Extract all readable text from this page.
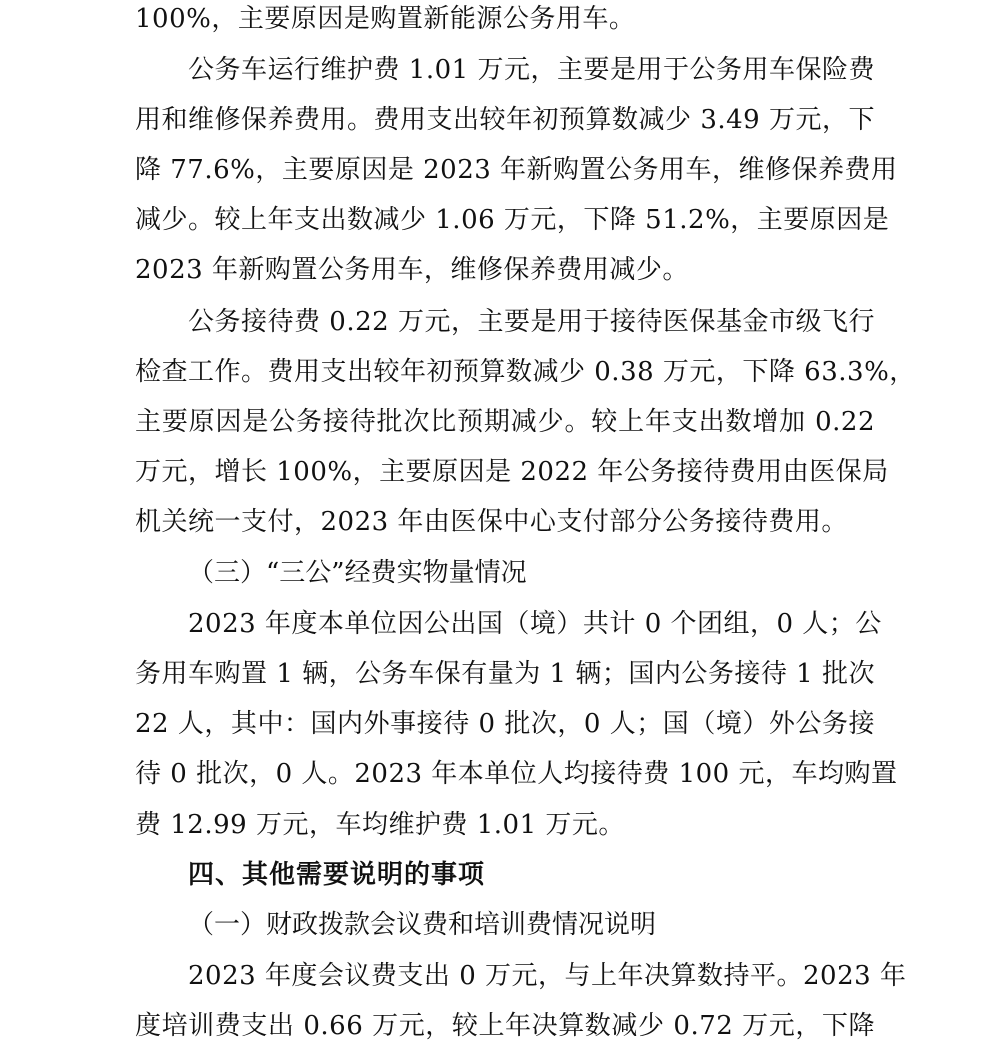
100%，主要原因是购置新能源公务用车。
公务车运行维护费 1.01 万元，主要是用于公务用车保险费
用和维修保养费用。费用支出较年初预算数减少 3.49 万元，下
降 77.6%，主要原因是 2023 年新购置公务用车，维修保养费用
减少。较上年支出数减少 1.06 万元，下降 51.2%，主要原因是
2023 年新购置公务用车，维修保养费用减少。
公务接待费 0.22 万元，主要是用于接待医保基金市级飞行
检查工作。费用支出较年初预算数减少 0.38 万元，下降 63.3%，
主要原因是公务接待批次比预期减少。较上年支出数增加 0.22
万元，增长 100%，主要原因是 2022 年公务接待费用由医保局
机关统一支付，2023 年由医保中心支付部分公务接待费用。
（三）“三公”经费实物量情况
2023 年度本单位因公出国（境）共计 0 个团组，0 人；公
务用车购置 1 辆，公务车保有量为 1 辆；国内公务接待 1 批次
22 人，其中：国内外事接待 0 批次，0 人；国（境）外公务接
待 0 批次，0 人。2023 年本单位人均接待费 100 元，车均购置
费 12.99 万元，车均维护费 1.01 万元。
四、其他需要说明的事项
（一）财政拨款会议费和培训费情况说明
2023 年度会议费支出 0 万元，与上年决算数持平。2023 年
度培训费支出 0.66 万元，较上年决算数减少 0.72 万元，下降
